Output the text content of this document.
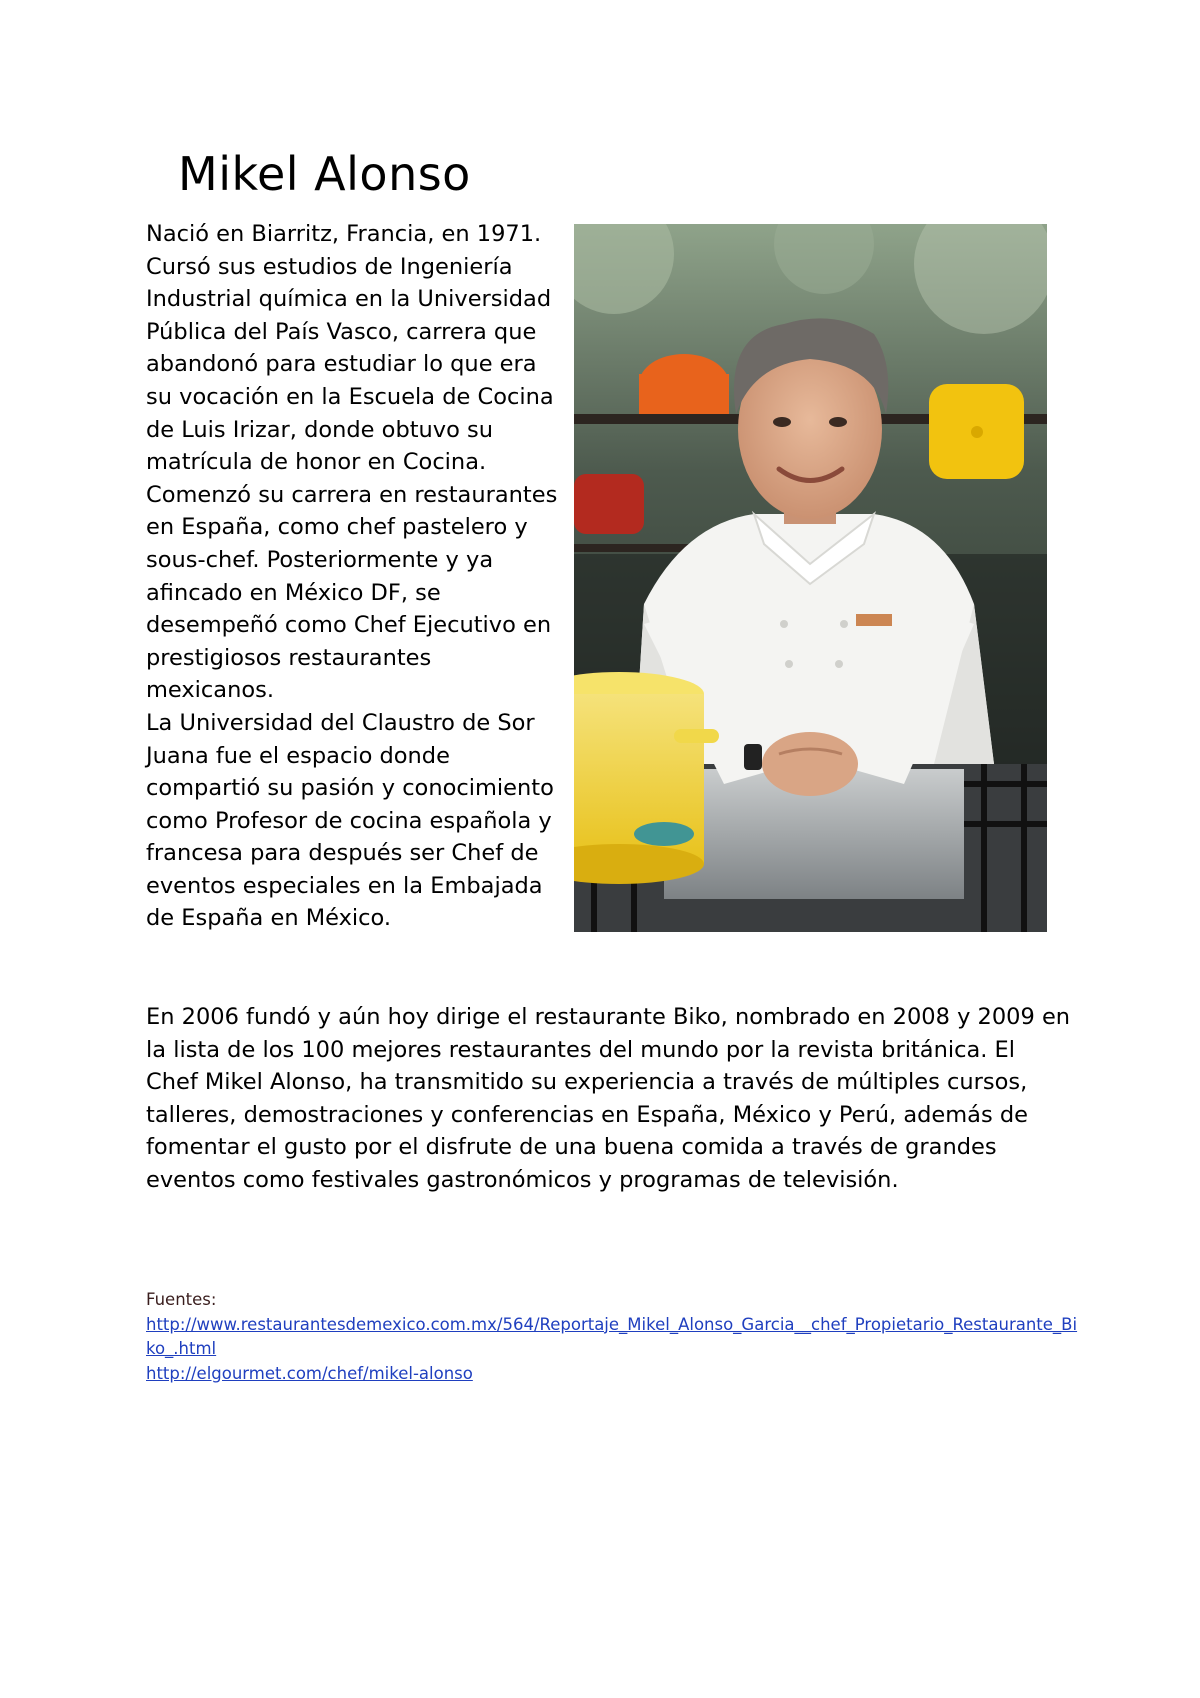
Mikel Alonso

Nació en Biarritz, Francia, en 1971. Cursó sus estudios de Ingeniería Industrial química en la Universidad Pública del País Vasco, carrera que abandonó para estudiar lo que era su vocación en la Escuela de Cocina de Luis Irizar, donde obtuvo su matrícula de honor en Cocina.

Comenzó su carrera en restaurantes en España, como chef pastelero y sous-chef. Posteriormente y ya afincado en México DF, se desempeñó como Chef Ejecutivo en prestigiosos restaurantes mexicanos.

La Universidad del Claustro de Sor Juana fue el espacio donde compartió su pasión y conocimiento como Profesor de cocina española y francesa para después ser Chef de eventos especiales en la Embajada de España en México.

En 2006 fundó y aún hoy dirige el restaurante Biko, nombrado en 2008 y 2009 en la lista de los 100 mejores restaurantes del mundo por la revista británica. El Chef Mikel Alonso, ha transmitido su experiencia a través de múltiples cursos, talleres, demostraciones y conferencias en España, México y Perú, además de fomentar el gusto por el disfrute de una buena comida a través de grandes eventos como festivales gastronómicos y programas de televisión.

Fuentes:
http://www.restaurantesdemexico.com.mx/564/Reportaje_Mikel_Alonso_Garcia__chef_Propietario_Restaurante_Biko_.html
http://elgourmet.com/chef/mikel-alonso
